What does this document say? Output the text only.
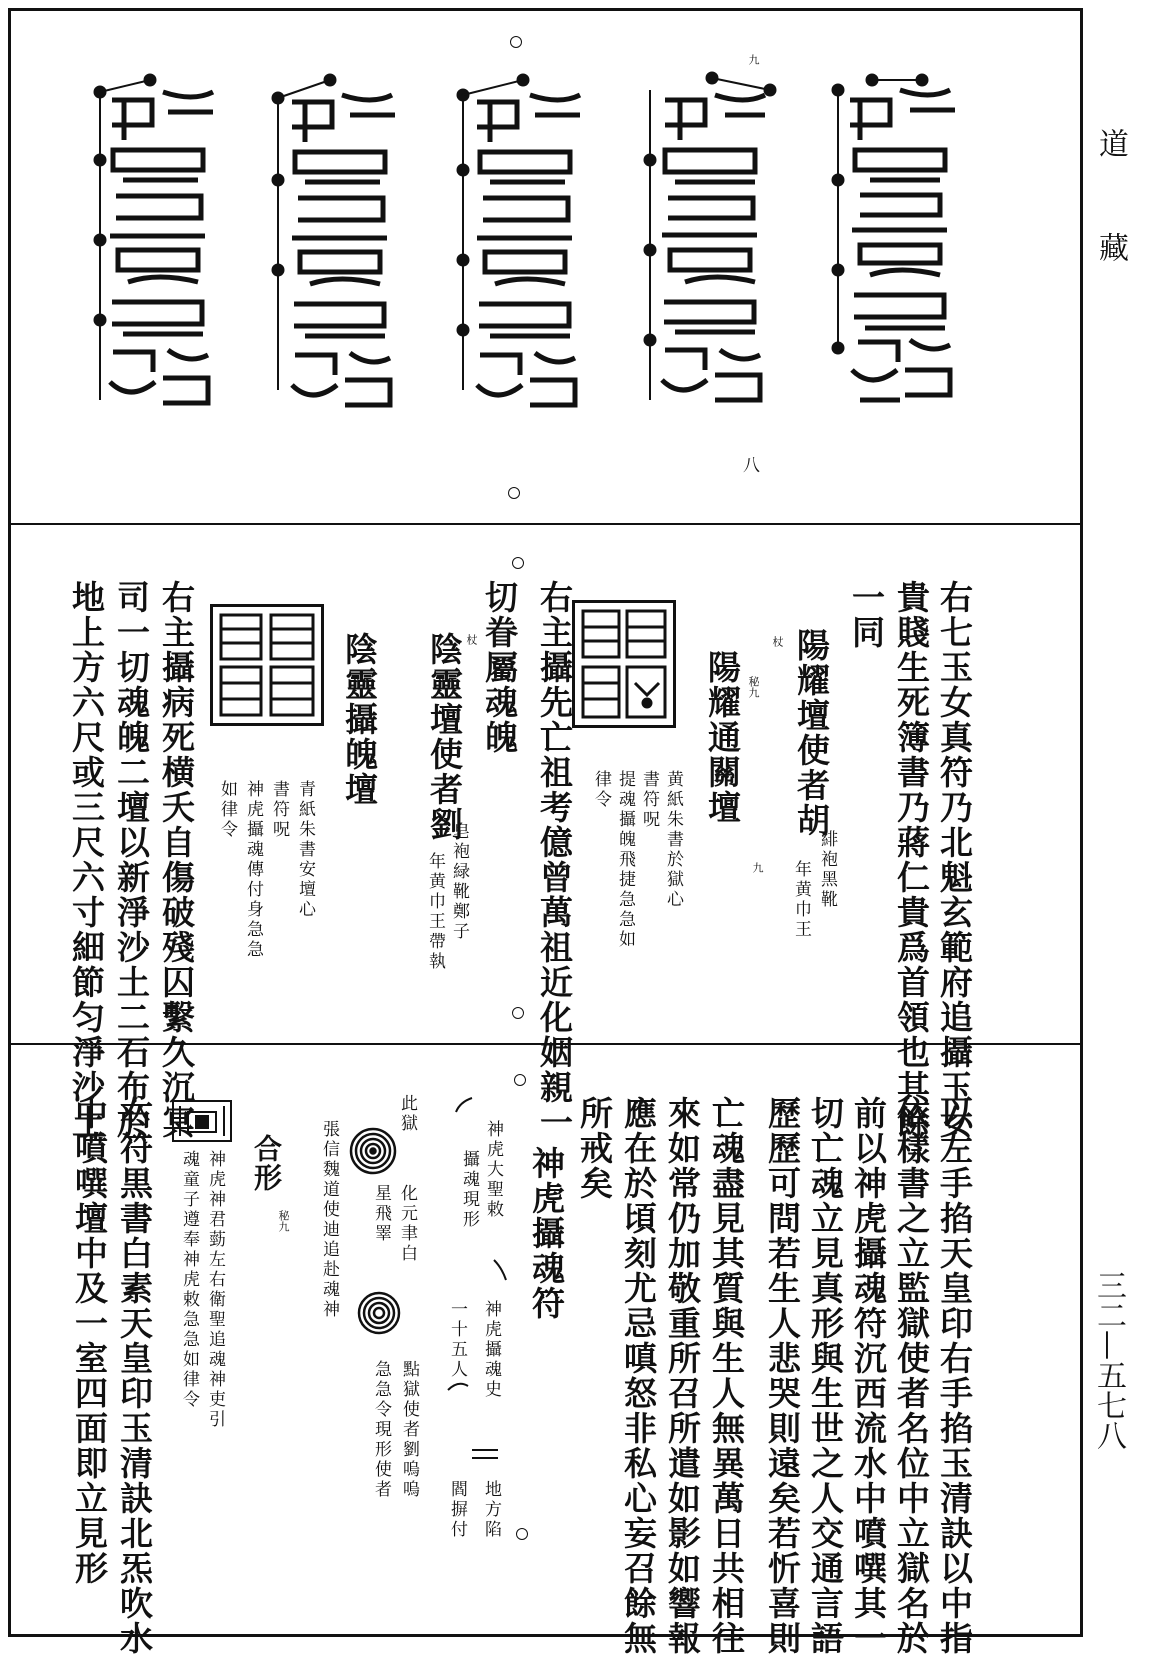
道
藏
三二—五七八
九
八
右七玉女真符乃北魁玄範府追攝玉女
貴賤生死簿書乃蔣仁貴爲首領也其餘
一同
陽耀壇使者胡
緋袍黑靴
年黄巾王
杖
秘九
九
陽耀通關壇
黄紙朱書於獄心
書符呪
提魂攝魄飛捷急急如
律令
右主攝先亡祖考億曾萬祖近化姻親一
切眷屬魂魄
杖
陰靈壇使者劉
皂袍緑靴鄭子
年黄巾王帶執
陰靈攝魄壇
青紙朱書安壇心
書符呪
神虎攝魂傳付身急急
如律令
右主攝病死横夭自傷破殘囚繫久沉冥
司一切魂魄二壇以新淨沙土二石布於
地上方六尺或三尺六寸細節匀淨沙土
以左手掐天皇印右手掐玉清訣以中指
依樣書之立監獄使者名位中立獄名於
前以神虎攝魂符沉西流水中噴噀其一
切亡魂立見真形與生世之人交通言語
歷歷可問若生人悲哭則遠矣若忻喜則
亡魂盡見其質與生人無異萬日共相往
來如常仍加敬重所召所遣如影如響報
應在於頃刻尤忌嗔怒非私心妄召餘無
所戒矣
神虎攝魂符
神虎大聖敕
攝魂現形
神虎攝魂史
一十五人
地方陷
閻摒付
此獄
化元聿白
星飛睪
點獄使者劉嗚嗚
急急令現形使者
張信魏道使迪追赴魂神
秘九
合形
神虎神君葝左右衛聖追魂神吏引
魂童子遵奉神虎敕急急如律令
右符黒書白素天皇印玉清訣北炁吹水
中噴噀壇中及一室四面即立見形
